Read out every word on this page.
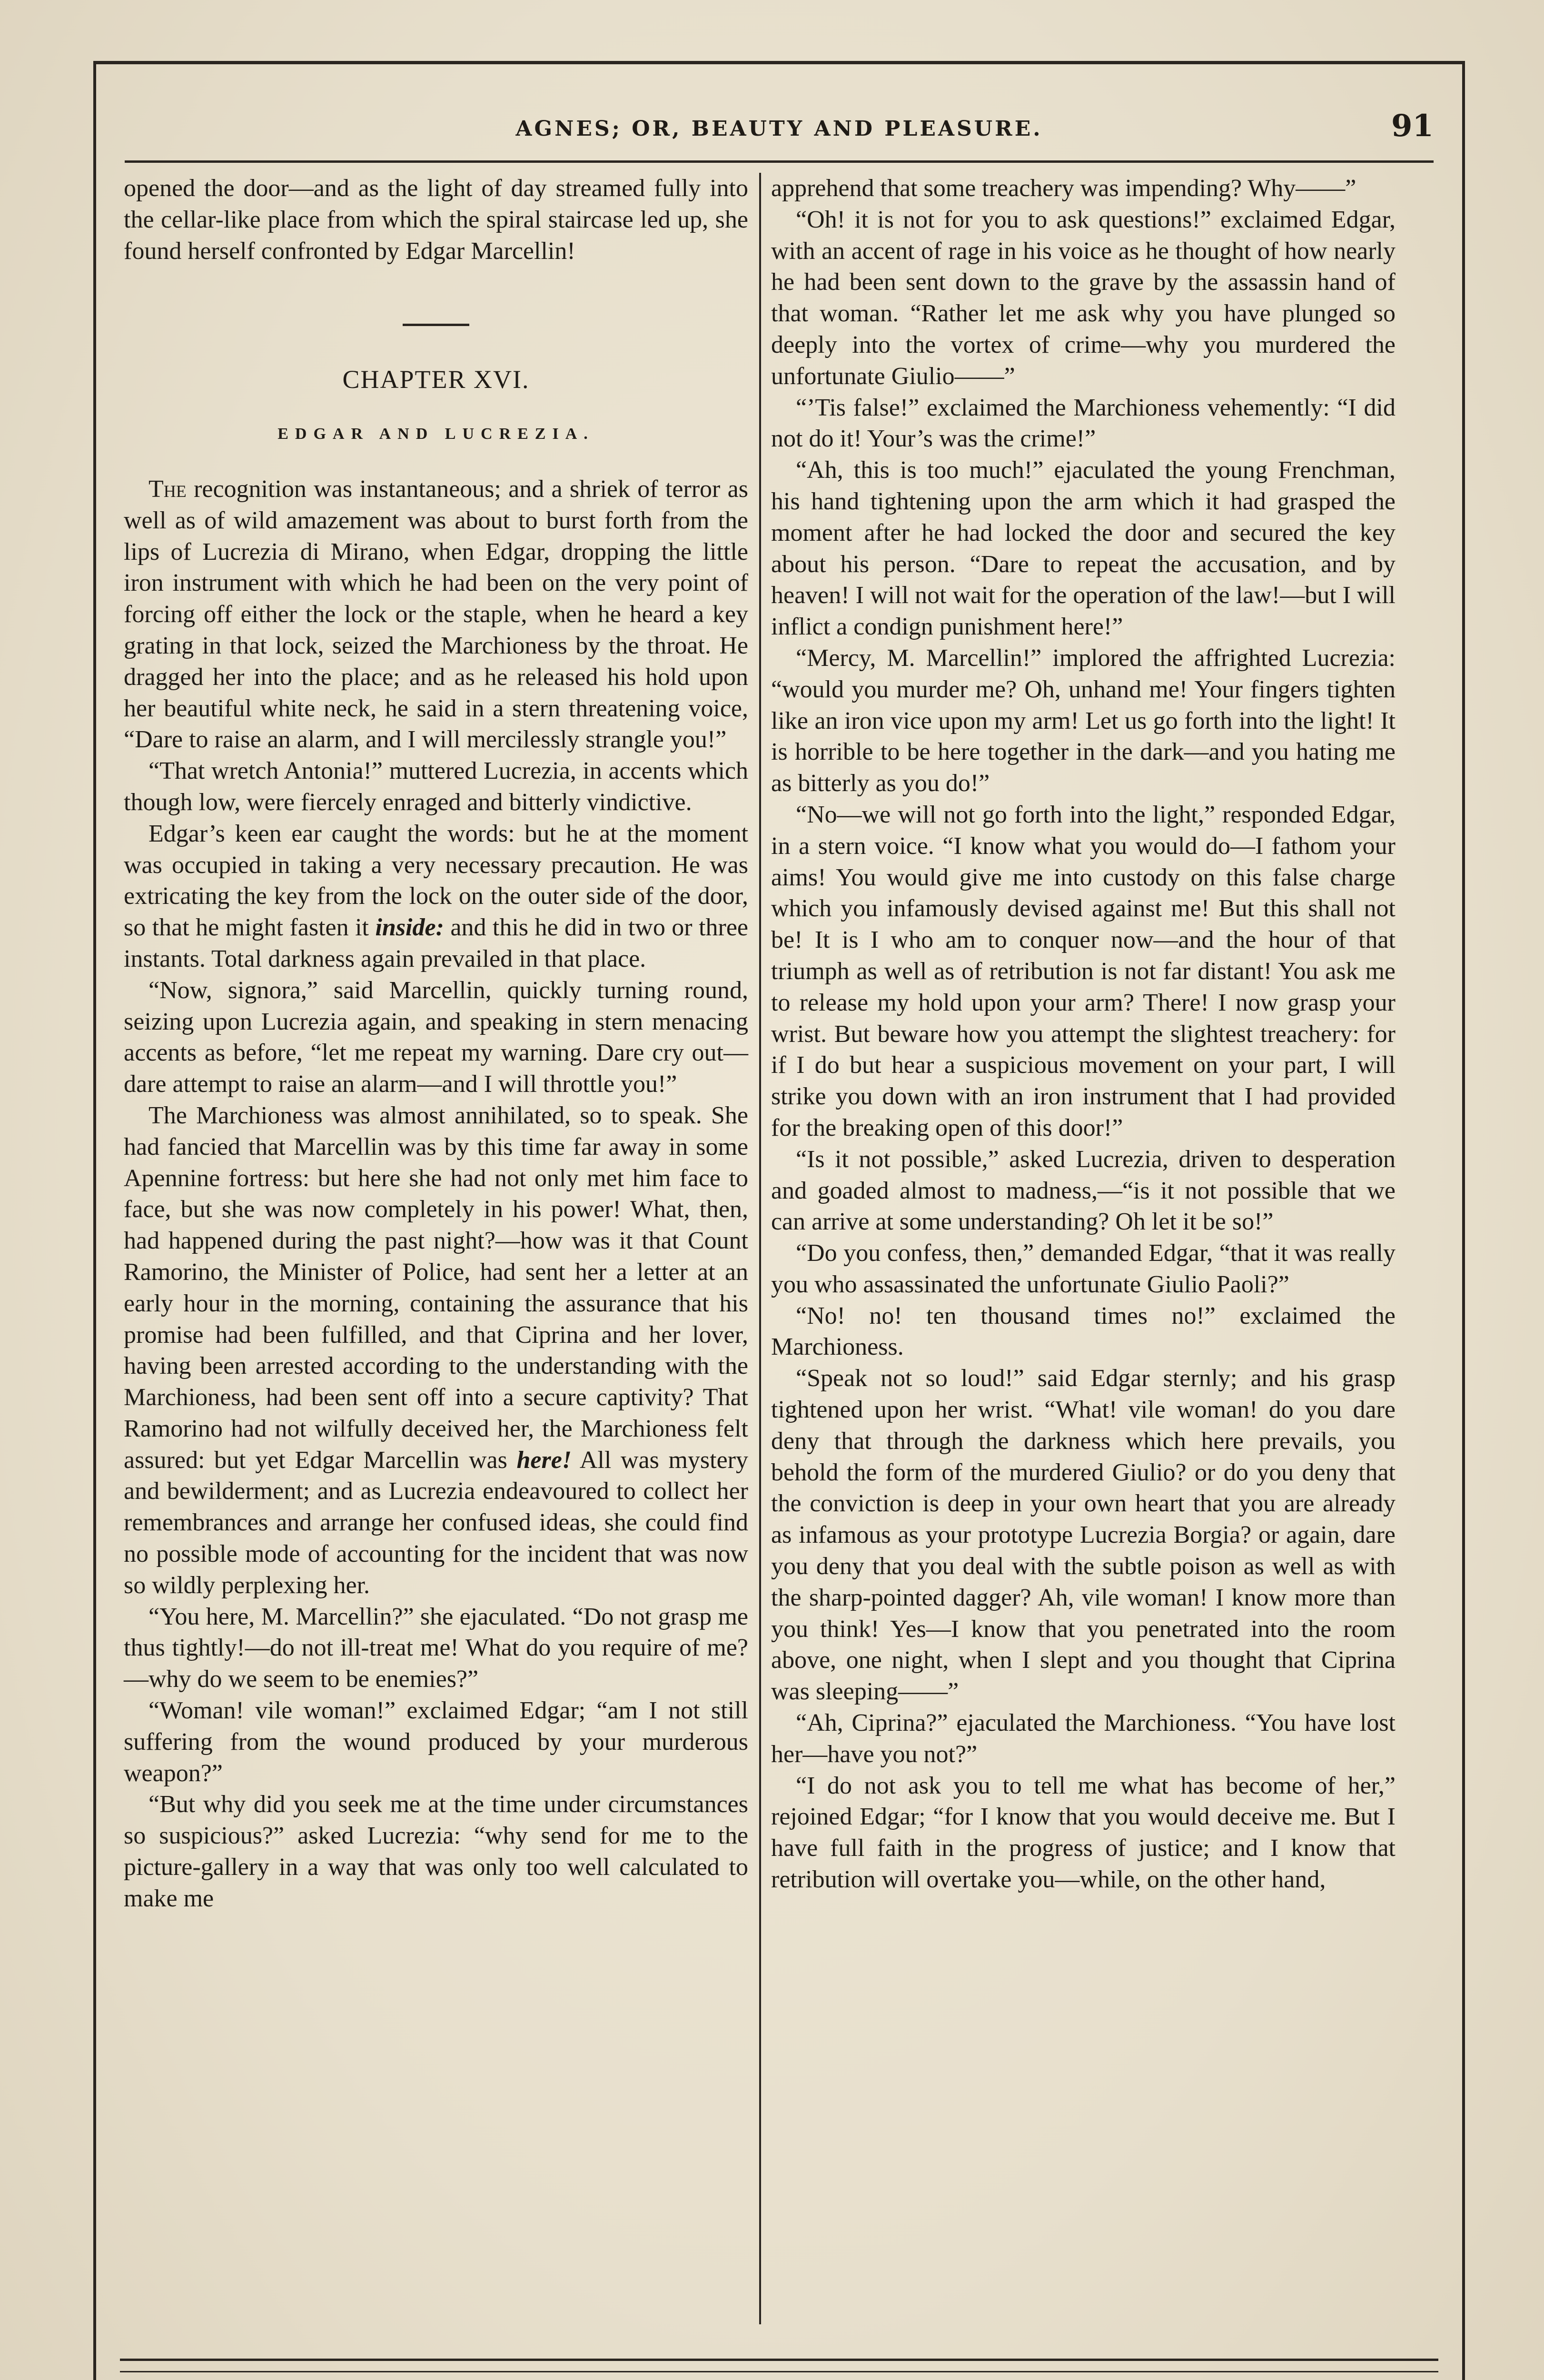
AGNES; OR, BEAUTY AND PLEASURE.	91

opened the door—and as the light of day streamed fully into the cellar-like place from which the spiral staircase led up, she found herself confronted by Edgar Marcellin!

CHAPTER XVI.
EDGAR AND LUCREZIA.

The recognition was instantaneous; and a shriek of terror as well as of wild amazement was about to burst forth from the lips of Lucrezia di Mirano, when Edgar, dropping the little iron instrument with which he had been on the very point of forcing off either the lock or the staple, when he heard a key grating in that lock, seized the Marchioness by the throat. He dragged her into the place; and as he released his hold upon her beautiful white neck, he said in a stern threatening voice, “Dare to raise an alarm, and I will mercilessly strangle you!”

“That wretch Antonia!” muttered Lucrezia, in accents which though low, were fiercely enraged and bitterly vindictive.

Edgar’s keen ear caught the words: but he at the moment was occupied in taking a very necessary precaution. He was extricating the key from the lock on the outer side of the door, so that he might fasten it inside: and this he did in two or three instants. Total darkness again prevailed in that place.

“Now, signora,” said Marcellin, quickly turning round, seizing upon Lucrezia again, and speaking in stern menacing accents as before, “let me repeat my warning. Dare cry out—dare attempt to raise an alarm—and I will throttle you!”

The Marchioness was almost annihilated, so to speak. She had fancied that Marcellin was by this time far away in some Apennine fortress: but here she had not only met him face to face, but she was now completely in his power! What, then, had happened during the past night?—how was it that Count Ramorino, the Minister of Police, had sent her a letter at an early hour in the morning, containing the assurance that his promise had been fulfilled, and that Ciprina and her lover, having been arrested according to the understanding with the Marchioness, had been sent off into a secure captivity? That Ramorino had not wilfully deceived her, the Marchioness felt assured: but yet Edgar Marcellin was here! All was mystery and bewilderment; and as Lucrezia endeavoured to collect her remembrances and arrange her confused ideas, she could find no possible mode of accounting for the incident that was now so wildly perplexing her.

“You here, M. Marcellin?” she ejaculated. “Do not grasp me thus tightly!—do not ill-treat me! What do you require of me?—why do we seem to be enemies?”

“Woman! vile woman!” exclaimed Edgar; “am I not still suffering from the wound produced by your murderous weapon?”

“But why did you seek me at the time under circumstances so suspicious?” asked Lucrezia: “why send for me to the picture-gallery in a way that was only too well calculated to make me

apprehend that some treachery was impending? Why——”

“Oh! it is not for you to ask questions!” exclaimed Edgar, with an accent of rage in his voice as he thought of how nearly he had been sent down to the grave by the assassin hand of that woman. “Rather let me ask why you have plunged so deeply into the vortex of crime—why you murdered the unfortunate Giulio——”

“’Tis false!” exclaimed the Marchioness vehemently: “I did not do it! Your’s was the crime!”

“Ah, this is too much!” ejaculated the young Frenchman, his hand tightening upon the arm which it had grasped the moment after he had locked the door and secured the key about his person. “Dare to repeat the accusation, and by heaven! I will not wait for the operation of the law!—but I will inflict a condign punishment here!”

“Mercy, M. Marcellin!” implored the affrighted Lucrezia: “would you murder me? Oh, unhand me! Your fingers tighten like an iron vice upon my arm! Let us go forth into the light! It is horrible to be here together in the dark—and you hating me as bitterly as you do!”

“No—we will not go forth into the light,” responded Edgar, in a stern voice. “I know what you would do—I fathom your aims! You would give me into custody on this false charge which you infamously devised against me! But this shall not be! It is I who am to conquer now—and the hour of that triumph as well as of retribution is not far distant! You ask me to release my hold upon your arm? There! I now grasp your wrist. But beware how you attempt the slightest treachery: for if I do but hear a suspicious movement on your part, I will strike you down with an iron instrument that I had provided for the breaking open of this door!”

“Is it not possible,” asked Lucrezia, driven to desperation and goaded almost to madness,—“is it not possible that we can arrive at some understanding? Oh let it be so!”

“Do you confess, then,” demanded Edgar, “that it was really you who assassinated the unfortunate Giulio Paoli?”

“No! no! ten thousand times no!” exclaimed the Marchioness.

“Speak not so loud!” said Edgar sternly; and his grasp tightened upon her wrist. “What! vile woman! do you dare deny that through the darkness which here prevails, you behold the form of the murdered Giulio? or do you deny that the conviction is deep in your own heart that you are already as infamous as your prototype Lucrezia Borgia? or again, dare you deny that you deal with the subtle poison as well as with the sharp-pointed dagger? Ah, vile woman! I know more than you think! Yes—I know that you penetrated into the room above, one night, when I slept and you thought that Ciprina was sleeping——”

“Ah, Ciprina?” ejaculated the Marchioness. “You have lost her—have you not?”

“I do not ask you to tell me what has become of her,” rejoined Edgar; “for I know that you would deceive me. But I have full faith in the progress of justice; and I know that retribution will overtake you—while, on the other hand,
